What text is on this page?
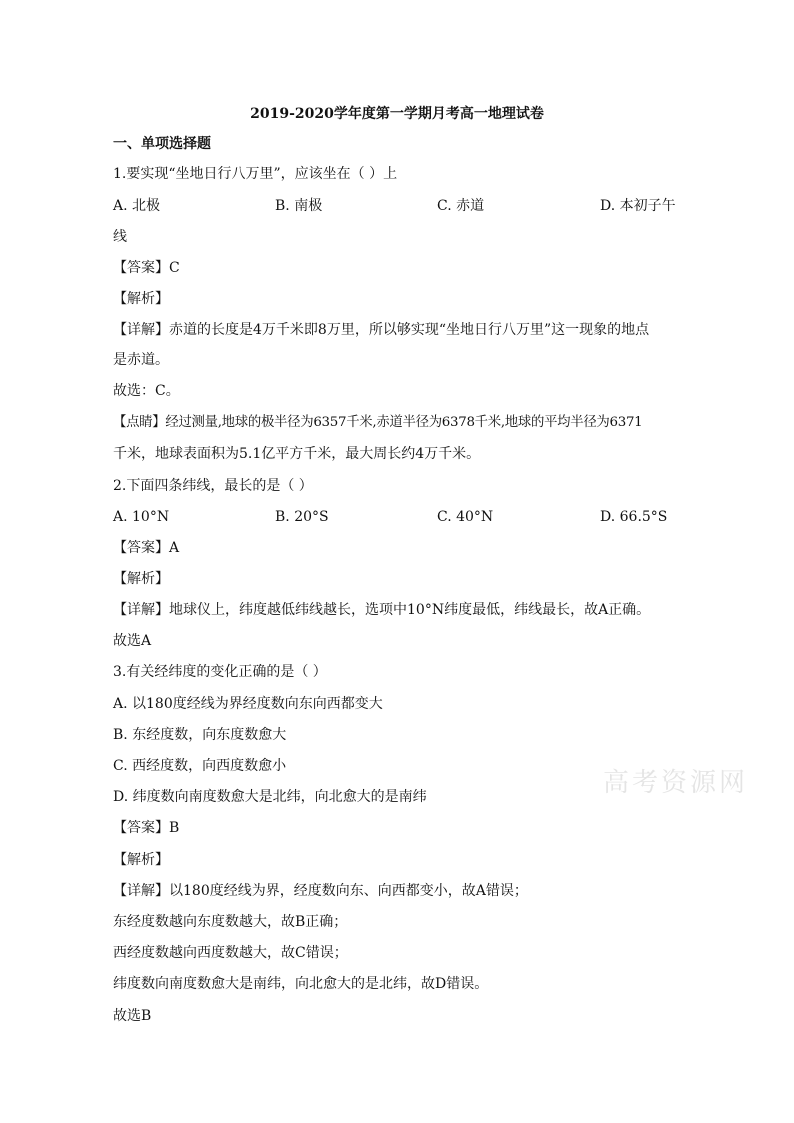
2019-2020学年度第一学期月考高一地理试卷
一、单项选择题
1.要实现“坐地日行八万里”，应该坐在（ ）上
A. 北极	B. 南极	C. 赤道	D. 本初子午
线
【答案】C
【解析】
【详解】赤道的长度是4万千米即8万里，所以够实现“坐地日行八万里”这一现象的地点
是赤道。
故选：C。
【点睛】经过测量,地球的极半径为6357千米,赤道半径为6378千米,地球的平均半径为6371
千米，地球表面积为5.1亿平方千米，最大周长约4万千米。
2.下面四条纬线，最长的是（ ）
A. 10°N	B. 20°S	C. 40°N	D. 66.5°S
【答案】A
【解析】
【详解】地球仪上，纬度越低纬线越长，选项中10°N纬度最低，纬线最长，故A正确。
故选A
3.有关经纬度的变化正确的是（ ）
A. 以180度经线为界经度数向东向西都变大
B. 东经度数，向东度数愈大
C. 西经度数，向西度数愈小
D. 纬度数向南度数愈大是北纬，向北愈大的是南纬
【答案】B
【解析】
【详解】以180度经线为界，经度数向东、向西都变小，故A错误；
东经度数越向东度数越大，故B正确；
西经度数越向西度数越大，故C错误；
纬度数向南度数愈大是南纬，向北愈大的是北纬，故D错误。
故选B
高考资源网
